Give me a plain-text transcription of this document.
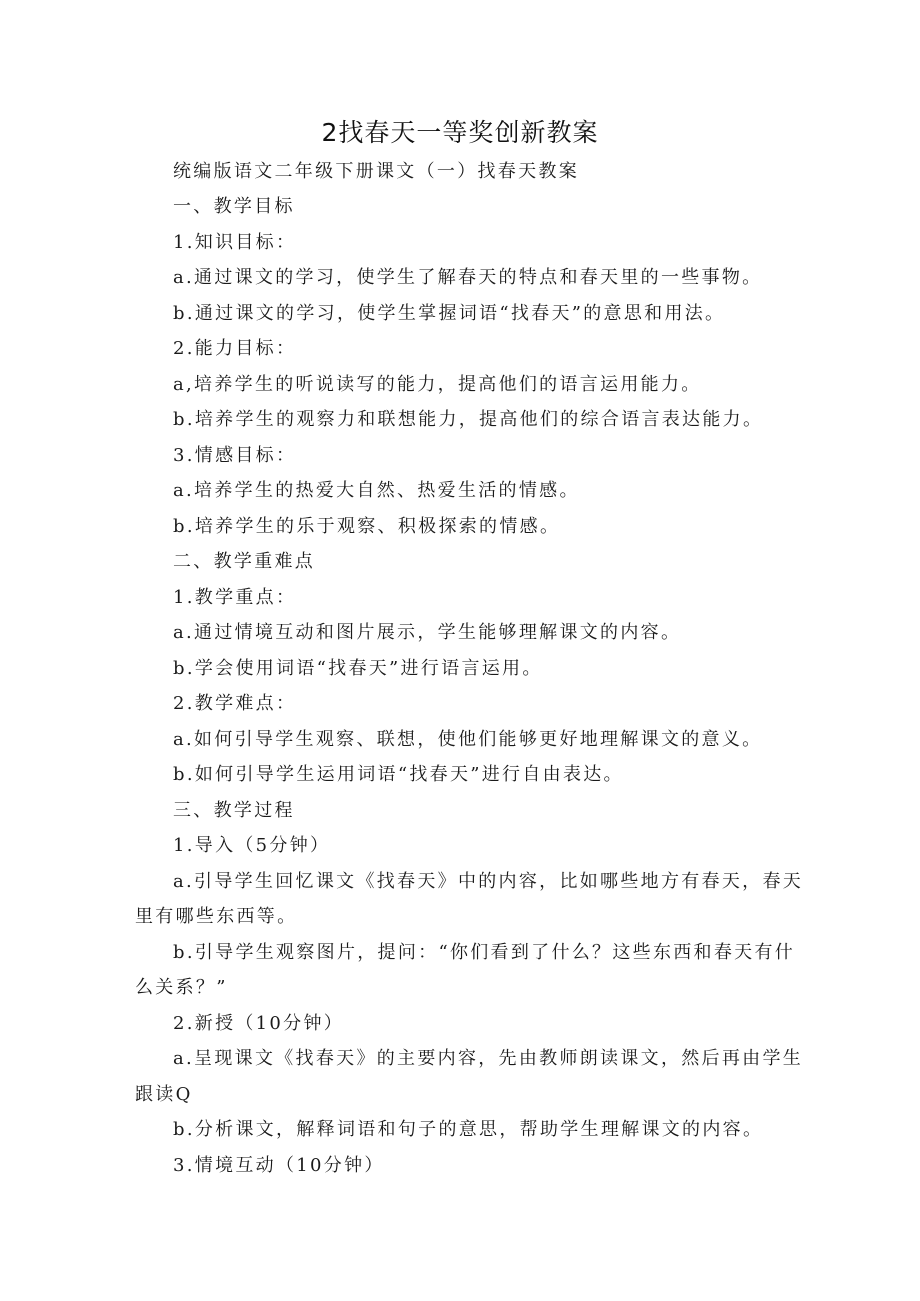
2找春天一等奖创新教案
统编版语文二年级下册课文（一）找春天教案
一、教学目标
1.知识目标：
a.通过课文的学习，使学生了解春天的特点和春天里的一些事物。
b.通过课文的学习，使学生掌握词语“找春天”的意思和用法。
2.能力目标：
a,培养学生的听说读写的能力，提高他们的语言运用能力。
b.培养学生的观察力和联想能力，提高他们的综合语言表达能力。
3.情感目标：
a.培养学生的热爱大自然、热爱生活的情感。
b.培养学生的乐于观察、积极探索的情感。
二、教学重难点
1.教学重点：
a.通过情境互动和图片展示，学生能够理解课文的内容。
b.学会使用词语“找春天”进行语言运用。
2.教学难点：
a.如何引导学生观察、联想，使他们能够更好地理解课文的意义。
b.如何引导学生运用词语“找春天”进行自由表达。
三、教学过程
1.导入（5分钟）
a.引导学生回忆课文《找春天》中的内容，比如哪些地方有春天，春天
里有哪些东西等。
b.引导学生观察图片，提问：“你们看到了什么？这些东西和春天有什
么关系？”
2.新授（10分钟）
a.呈现课文《找春天》的主要内容，先由教师朗读课文，然后再由学生
跟读Q
b.分析课文，解释词语和句子的意思，帮助学生理解课文的内容。
3.情境互动（10分钟）
